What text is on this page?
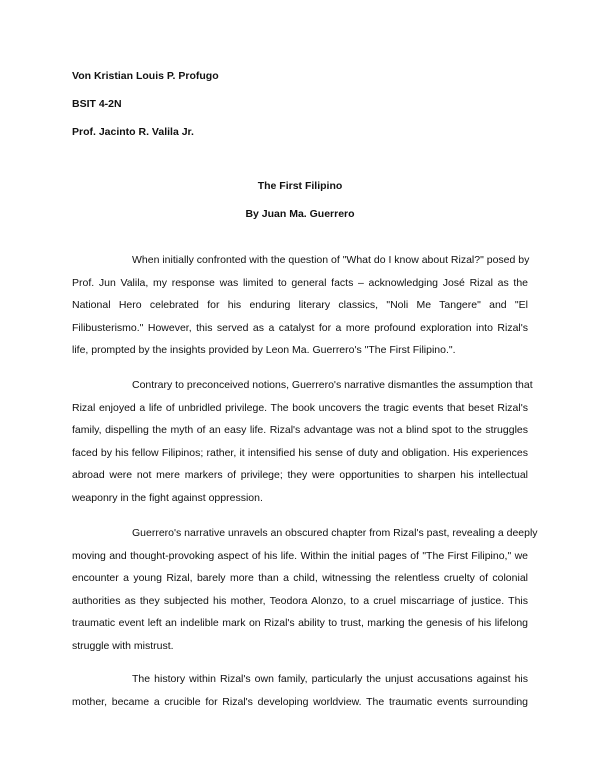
Von Kristian Louis P. Profugo
BSIT 4-2N
Prof. Jacinto R. Valila Jr.
The First Filipino
By Juan Ma. Guerrero
When initially confronted with the question of "What do I know about Rizal?" posed by
Prof. Jun Valila, my response was limited to general facts – acknowledging José Rizal as the
National Hero celebrated for his enduring literary classics, "Noli Me Tangere" and "El
Filibusterismo." However, this served as a catalyst for a more profound exploration into Rizal's
life, prompted by the insights provided by Leon Ma. Guerrero's "The First Filipino.".
Contrary to preconceived notions, Guerrero's narrative dismantles the assumption that
Rizal enjoyed a life of unbridled privilege. The book uncovers the tragic events that beset Rizal's
family, dispelling the myth of an easy life. Rizal's advantage was not a blind spot to the struggles
faced by his fellow Filipinos; rather, it intensified his sense of duty and obligation. His experiences
abroad were not mere markers of privilege; they were opportunities to sharpen his intellectual
weaponry in the fight against oppression.
Guerrero's narrative unravels an obscured chapter from Rizal's past, revealing a deeply
moving and thought-provoking aspect of his life. Within the initial pages of "The First Filipino," we
encounter a young Rizal, barely more than a child, witnessing the relentless cruelty of colonial
authorities as they subjected his mother, Teodora Alonzo, to a cruel miscarriage of justice. This
traumatic event left an indelible mark on Rizal's ability to trust, marking the genesis of his lifelong
struggle with mistrust.
The history within Rizal's own family, particularly the unjust accusations against his
mother, became a crucible for Rizal's developing worldview. The traumatic events surrounding
